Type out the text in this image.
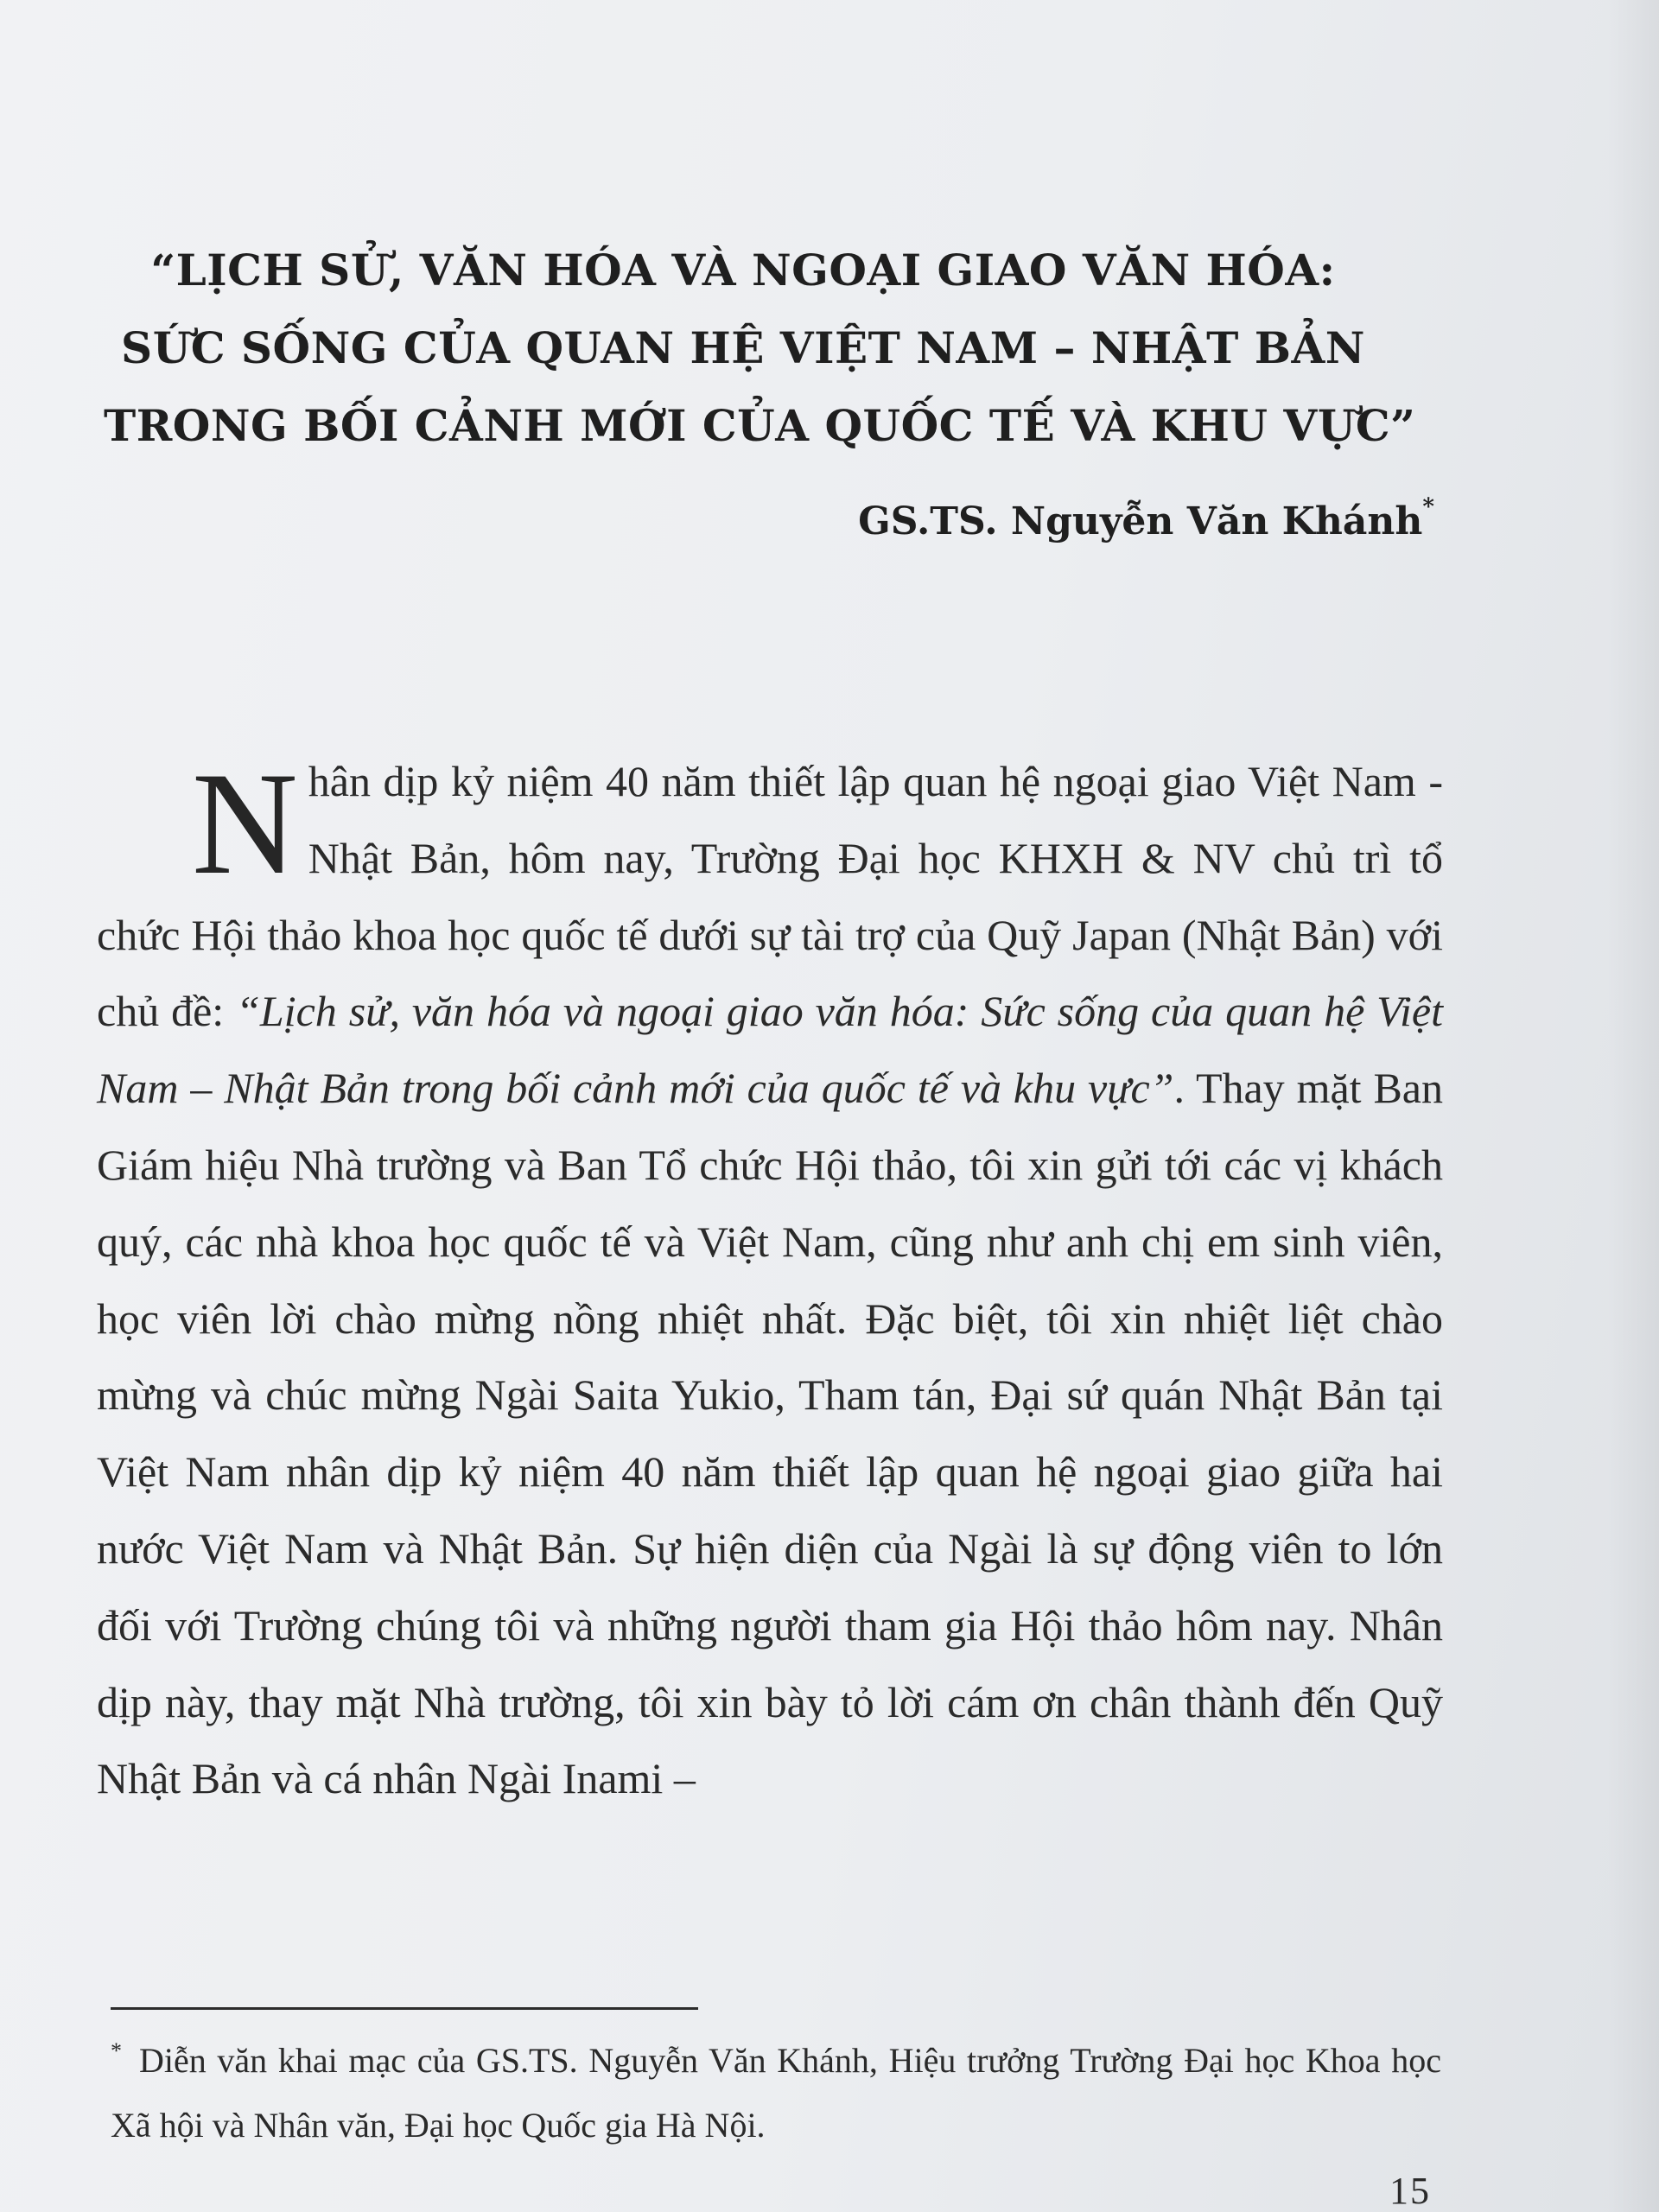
“LỊCH SỬ, VĂN HÓA VÀ NGOẠI GIAO VĂN HÓA:
SỨC SỐNG CỦA QUAN HỆ VIỆT NAM – NHẬT BẢN
TRONG BỐI CẢNH MỚI CỦA QUỐC TẾ VÀ KHU VỰC”
GS.TS. Nguyễn Văn Khánh*
Nhân dịp kỷ niệm 40 năm thiết lập quan hệ ngoại giao Việt Nam - Nhật Bản, hôm nay, Trường Đại học KHXH & NV chủ trì tổ chức Hội thảo khoa học quốc tế dưới sự tài trợ của Quỹ Japan (Nhật Bản) với chủ đề: “Lịch sử, văn hóa và ngoại giao văn hóa: Sức sống của quan hệ Việt Nam – Nhật Bản trong bối cảnh mới của quốc tế và khu vực”. Thay mặt Ban Giám hiệu Nhà trường và Ban Tổ chức Hội thảo, tôi xin gửi tới các vị khách quý, các nhà khoa học quốc tế và Việt Nam, cũng như anh chị em sinh viên, học viên lời chào mừng nồng nhiệt nhất. Đặc biệt, tôi xin nhiệt liệt chào mừng và chúc mừng Ngài Saita Yukio, Tham tán, Đại sứ quán Nhật Bản tại Việt Nam nhân dịp kỷ niệm 40 năm thiết lập quan hệ ngoại giao giữa hai nước Việt Nam và Nhật Bản. Sự hiện diện của Ngài là sự động viên to lớn đối với Trường chúng tôi và những người tham gia Hội thảo hôm nay. Nhân dịp này, thay mặt Nhà trường, tôi xin bày tỏ lời cám ơn chân thành đến Quỹ Nhật Bản và cá nhân Ngài Inami –
* Diễn văn khai mạc của GS.TS. Nguyễn Văn Khánh, Hiệu trưởng Trường Đại học Khoa học Xã hội và Nhân văn, Đại học Quốc gia Hà Nội.
15
